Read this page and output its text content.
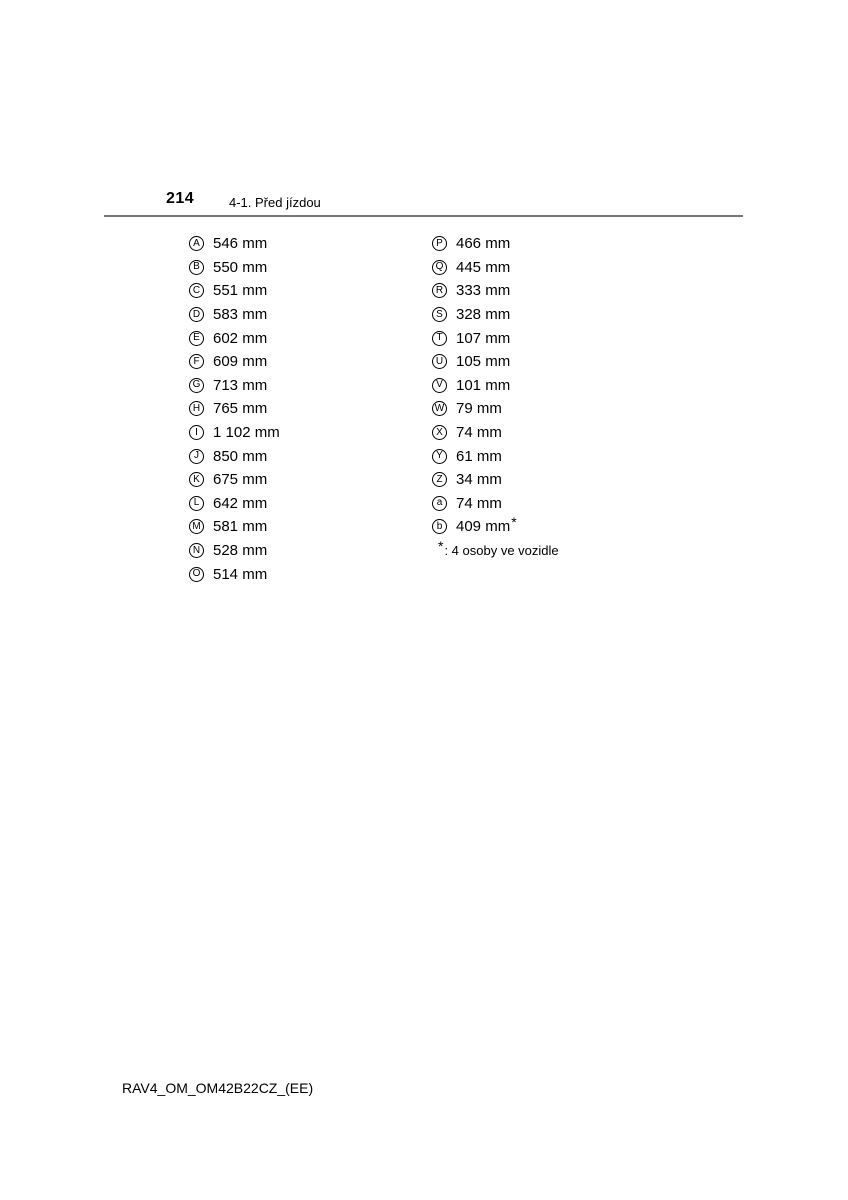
214	4-1. Před jízdou
A 546 mm
B 550 mm
C 551 mm
D 583 mm
E 602 mm
F 609 mm
G 713 mm
H 765 mm
I	1 102 mm
J 850 mm
K 675 mm
L 642 mm
M 581 mm
N 528 mm
O 514 mm
P 466 mm
Q 445 mm
R 333 mm
S 328 mm
T 107 mm
U 105 mm
V 101 mm
W 79 mm
X 74 mm
Y 61 mm
Z 34 mm
a 74 mm
b 409 mm *
* : 4 osoby ve vozidle
RAV4_OM_OM42B22CZ_(EE)
